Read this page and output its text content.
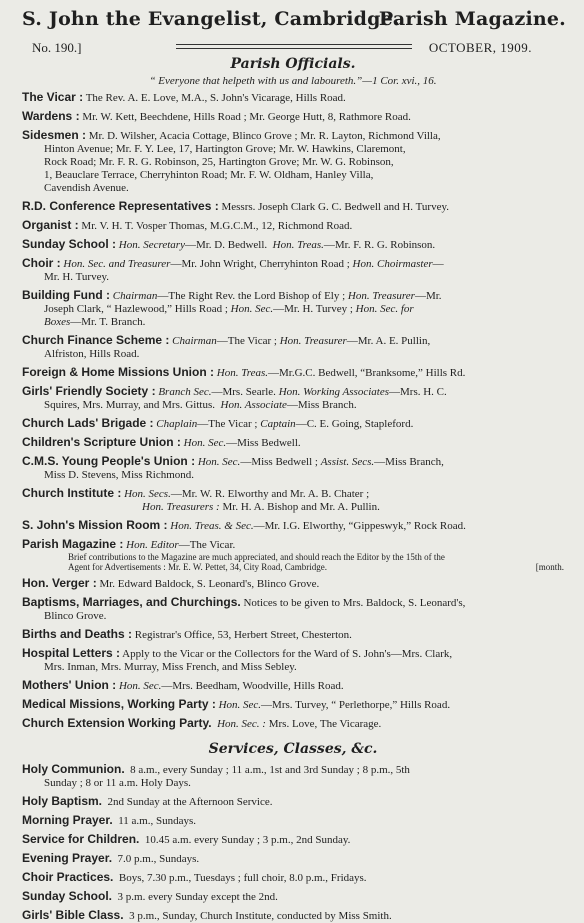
S. John the Evangelist, Cambridge.
Parish Magazine.
No. 190.]	OCTOBER, 1909.
Parish Officials.
“ Everyone that helpeth with us and laboureth.”—1 Cor. xvi., 16.

The Vicar : The Rev. A. E. Love, M.A., S. John's Vicarage, Hills Road.

Wardens : Mr. W. Kett, Beechdene, Hills Road ; Mr. George Hutt, 8, Rathmore Road.

Sidesmen : Mr. D. Wilsher, Acacia Cottage, Blinco Grove ; Mr. R. Layton, Richmond Villa,
Hinton Avenue; Mr. F. Y. Lee, 17, Hartington Grove; Mr. W. Hawkins, Claremont,
Rock Road; Mr. F. R. G. Robinson, 25, Hartington Grove; Mr. W. G. Robinson,
1, Beauclare Terrace, Cherryhinton Road; Mr. F. W. Oldham, Hanley Villa,
Cavendish Avenue.

R.D. Conference Representatives : Messrs. Joseph Clark G. C. Bedwell and H. Turvey.

Organist : Mr. V. H. T. Vosper Thomas, M.G.C.M., 12, Richmond Road.

Sunday School : Hon. Secretary—Mr. D. Bedwell. Hon. Treas.—Mr. F. R. G. Robinson.

Choir : Hon. Sec. and Treasurer—Mr. John Wright, Cherryhinton Road ; Hon. Choirmaster—
Mr. H. Turvey.

Building Fund : Chairman—The Right Rev. the Lord Bishop of Ely ; Hon. Treasurer—Mr.
Joseph Clark, “ Hazlewood,” Hills Road ; Hon. Sec.—Mr. H. Turvey ; Hon. Sec. for
Boxes—Mr. T. Branch.

Church Finance Scheme : Chairman—The Vicar ; Hon. Treasurer—Mr. A. E. Pullin,
Alfriston, Hills Road.

Foreign & Home Missions Union : Hon. Treas.—Mr.G.C. Bedwell, “Branksome,” Hills Rd.

Girls' Friendly Society : Branch Sec.—Mrs. Searle. Hon. Working Associates—Mrs. H. C.
Squires, Mrs. Murray, and Mrs. Gittus. Hon. Associate—Miss Branch.

Church Lads' Brigade : Chaplain—The Vicar ; Captain—C. E. Going, Stapleford.

Children's Scripture Union : Hon. Sec.—Miss Bedwell.

C.M.S. Young People's Union : Hon. Sec.—Miss Bedwell ; Assist. Secs.—Miss Branch,
Miss D. Stevens, Miss Richmond.

Church Institute : Hon. Secs.—Mr. W. R. Elworthy and Mr. A. B. Chater ;
Hon. Treasurers : Mr. H. A. Bishop and Mr. A. Pullin.

S. John's Mission Room : Hon. Treas. & Sec.—Mr. I.G. Elworthy, “Gippeswyk,” Rock Road.

Parish Magazine : Hon. Editor—The Vicar.
Brief contributions to the Magazine are much appreciated, and should reach the Editor by the 15th of the
Agent for Advertisements : Mr. E. W. Pettet, 34, City Road, Cambridge.	[month.

Hon. Verger : Mr. Edward Baldock, S. Leonard's, Blinco Grove.

Baptisms, Marriages, and Churchings. Notices to be given to Mrs. Baldock, S. Leonard's,
Blinco Grove.

Births and Deaths : Registrar's Office, 53, Herbert Street, Chesterton.

Hospital Letters : Apply to the Vicar or the Collectors for the Ward of S. John's—Mrs. Clark,
Mrs. Inman, Mrs. Murray, Miss French, and Miss Sebley.

Mothers' Union : Hon. Sec.—Mrs. Beedham, Woodville, Hills Road.

Medical Missions, Working Party : Hon. Sec.—Mrs. Turvey, “ Perlethorpe,” Hills Road.

Church Extension Working Party. Hon. Sec. : Mrs. Love, The Vicarage.

Services, Classes, &c.

Holy Communion. 8 a.m., every Sunday ; 11 a.m., 1st and 3rd Sunday ; 8 p.m., 5th
Sunday ; 8 or 11 a.m. Holy Days.

Holy Baptism. 2nd Sunday at the Afternoon Service.

Morning Prayer. 11 a.m., Sundays.

Service for Children. 10.45 a.m. every Sunday ; 3 p.m., 2nd Sunday.

Evening Prayer. 7.0 p.m., Sundays.

Choir Practices. Boys, 7.30 p.m., Tuesdays ; full choir, 8.0 p.m., Fridays.

Sunday School. 3 p.m. every Sunday except the 2nd.

Girls' Bible Class. 3 p.m., Sunday, Church Institute, conducted by Miss Smith.
